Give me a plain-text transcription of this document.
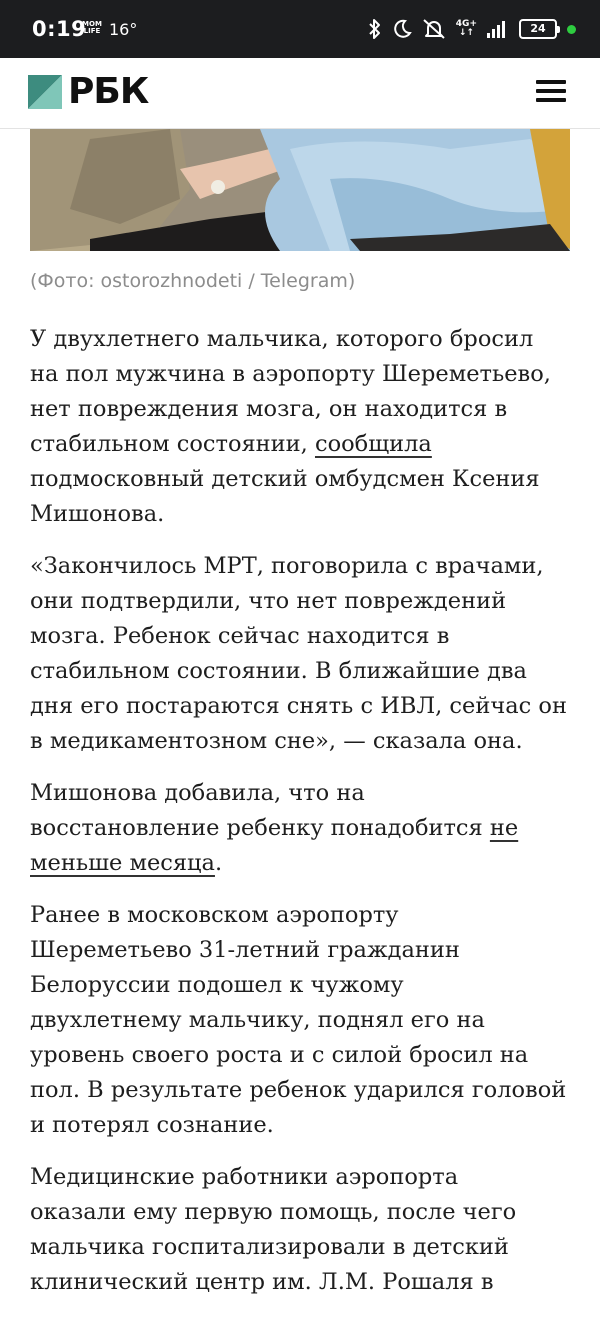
0:19
MOM
LIFE 16°	4G+
↓↑	24
РБК
(Фото: ostorozhnodeti / Telegram)

У двухлетнего мальчика, которого бросил
на пол мужчина в аэропорту Шереметьево,
нет повреждения мозга, он находится в
стабильном состоянии, сообщила
подмосковный детский омбудсмен Ксения
Мишонова.

«Закончилось МРТ, поговорила с врачами,
они подтвердили, что нет повреждений
мозга. Ребенок сейчас находится в
стабильном состоянии. В ближайшие два
дня его постараются снять с ИВЛ, сейчас он
в медикаментозном сне», — сказала она.

Мишонова добавила, что на
восстановление ребенку понадобится не
меньше месяца.

Ранее в московском аэропорту
Шереметьево 31-летний гражданин
Белоруссии подошел к чужому
двухлетнему мальчику, поднял его на
уровень своего роста и с силой бросил на
пол. В результате ребенок ударился головой
и потерял сознание.

Медицинские работники аэропорта
оказали ему первую помощь, после чего
мальчика госпитализировали в детский
клинический центр им. Л.М. Рошаля в
